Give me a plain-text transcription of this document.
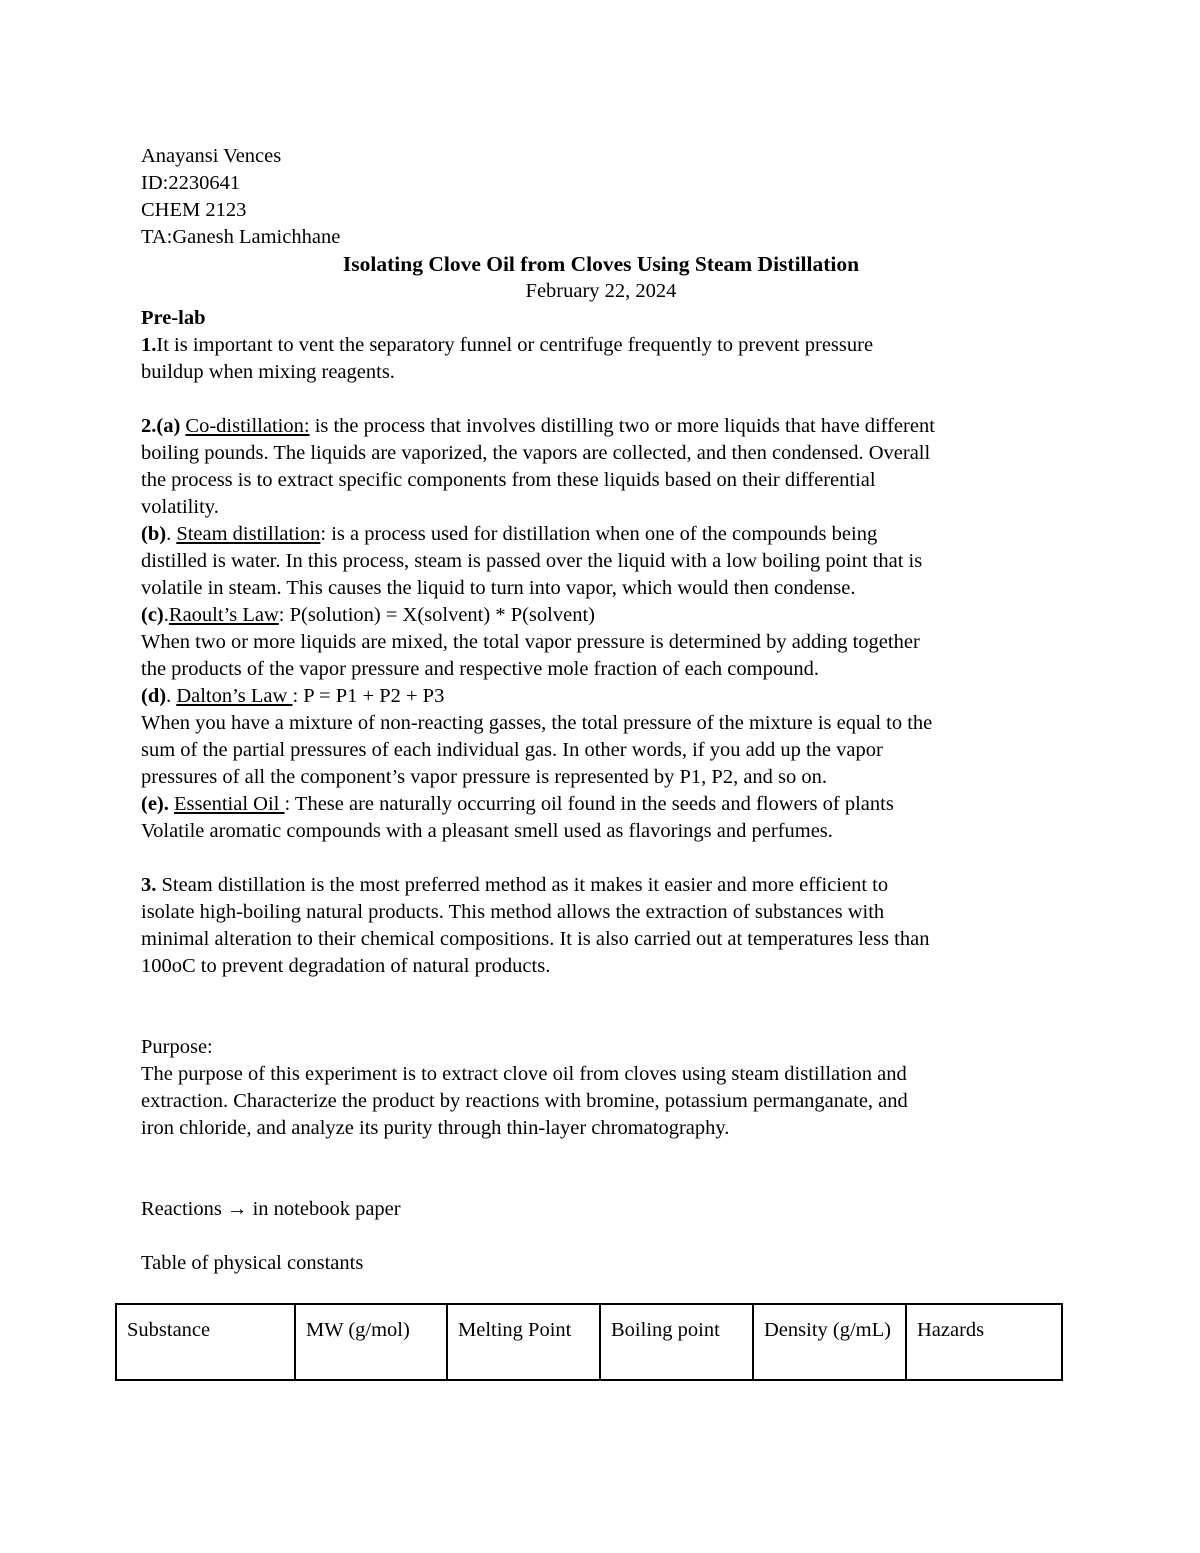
Anayansi Vences
ID:2230641
CHEM 2123
TA:Ganesh Lamichhane
Isolating Clove Oil from Cloves Using Steam Distillation
February 22, 2024
Pre-lab
1.It is important to vent the separatory funnel or centrifuge frequently to prevent pressure
buildup when mixing reagents.
2.(a) Co-distillation: is the process that involves distilling two or more liquids that have different
boiling pounds. The liquids are vaporized, the vapors are collected, and then condensed. Overall
the process is to extract specific components from these liquids based on their differential
volatility.
(b). Steam distillation: is a process used for distillation when one of the compounds being
distilled is water. In this process, steam is passed over the liquid with a low boiling point that is
volatile in steam. This causes the liquid to turn into vapor, which would then condense.
(c).Raoult’s Law: P(solution) = X(solvent) * P(solvent)
When two or more liquids are mixed, the total vapor pressure is determined by adding together
the products of the vapor pressure and respective mole fraction of each compound.
(d). Dalton’s Law : P = P1 + P2 + P3
When you have a mixture of non-reacting gasses, the total pressure of the mixture is equal to the
sum of the partial pressures of each individual gas. In other words, if you add up the vapor
pressures of all the component’s vapor pressure is represented by P1, P2, and so on.
(e). Essential Oil : These are naturally occurring oil found in the seeds and flowers of plants
Volatile aromatic compounds with a pleasant smell used as flavorings and perfumes.
3. Steam distillation is the most preferred method as it makes it easier and more efficient to
isolate high-boiling natural products. This method allows the extraction of substances with
minimal alteration to their chemical compositions. It is also carried out at temperatures less than
100oC to prevent degradation of natural products.
Purpose:
The purpose of this experiment is to extract clove oil from cloves using steam distillation and
extraction. Characterize the product by reactions with bromine, potassium permanganate, and
iron chloride, and analyze its purity through thin-layer chromatography.
Reactions → in notebook paper
Table of physical constants
Substance	MW (g/mol)	Melting Point	Boiling point	Density (g/mL)	Hazards
